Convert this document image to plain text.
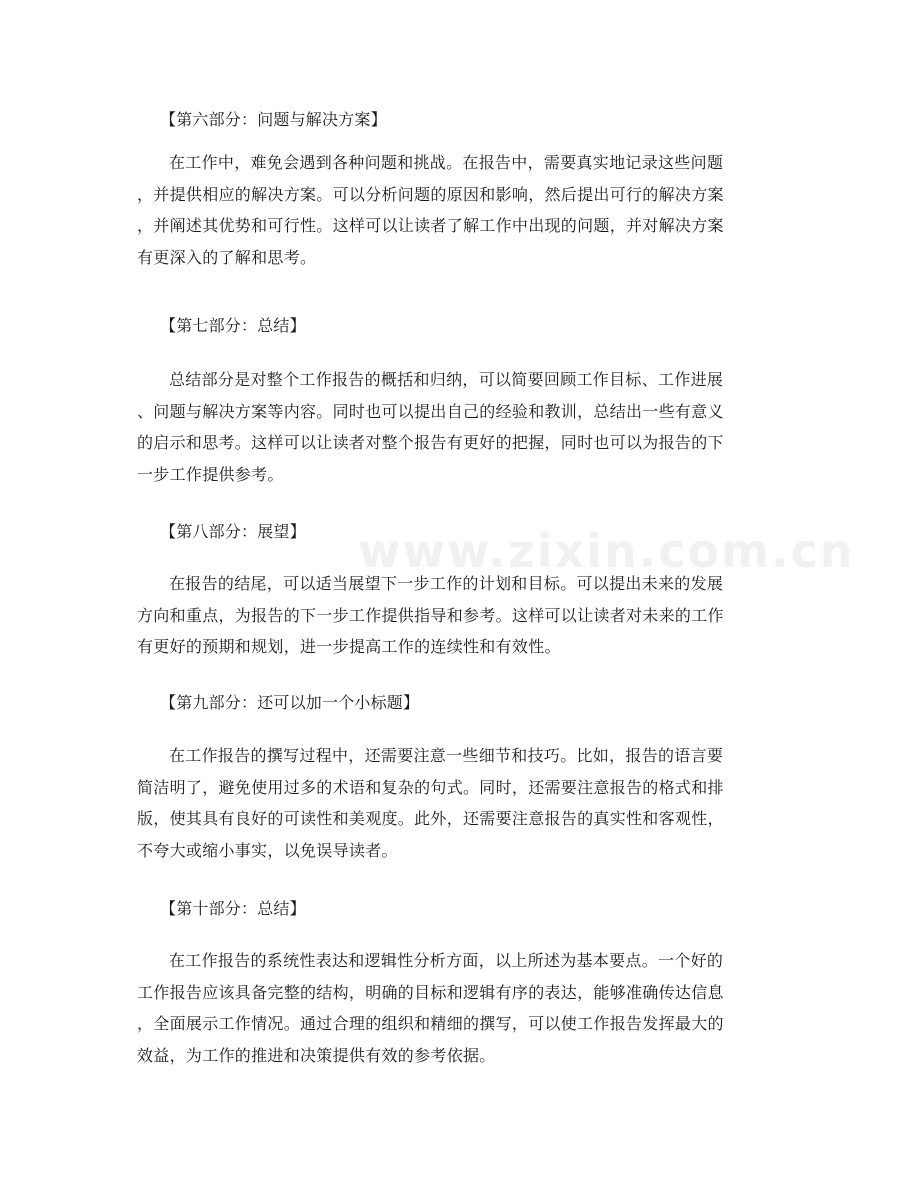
www.zixin.com.cn
【第六部分：问题与解决方案】
在工作中，难免会遇到各种问题和挑战。在报告中，需要真实地记录这些问题
，并提供相应的解决方案。可以分析问题的原因和影响，然后提出可行的解决方案
，并阐述其优势和可行性。这样可以让读者了解工作中出现的问题，并对解决方案
有更深入的了解和思考。
【第七部分：总结】
总结部分是对整个工作报告的概括和归纳，可以简要回顾工作目标、工作进展
、问题与解决方案等内容。同时也可以提出自己的经验和教训，总结出一些有意义
的启示和思考。这样可以让读者对整个报告有更好的把握，同时也可以为报告的下
一步工作提供参考。
【第八部分：展望】
在报告的结尾，可以适当展望下一步工作的计划和目标。可以提出未来的发展
方向和重点，为报告的下一步工作提供指导和参考。这样可以让读者对未来的工作
有更好的预期和规划，进一步提高工作的连续性和有效性。
【第九部分：还可以加一个小标题】
在工作报告的撰写过程中，还需要注意一些细节和技巧。比如，报告的语言要
简洁明了，避免使用过多的术语和复杂的句式。同时，还需要注意报告的格式和排
版，使其具有良好的可读性和美观度。此外，还需要注意报告的真实性和客观性，
不夸大或缩小事实，以免误导读者。
【第十部分：总结】
在工作报告的系统性表达和逻辑性分析方面，以上所述为基本要点。一个好的
工作报告应该具备完整的结构，明确的目标和逻辑有序的表达，能够准确传达信息
，全面展示工作情况。通过合理的组织和精细的撰写，可以使工作报告发挥最大的
效益，为工作的推进和决策提供有效的参考依据。
